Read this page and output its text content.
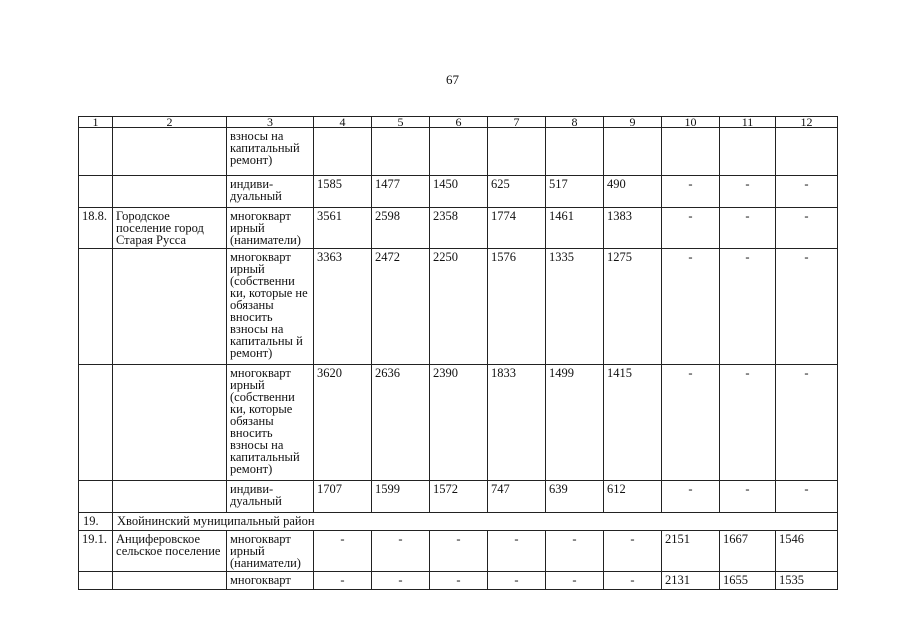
67
1	2	3	4	5	6	7	8	9	10	11	12
		взносы на капитальный ремонт)									
		индиви-дуальный	1585	1477	1450	625	517	490	-	-	-
18.8.	Городское поселение город Старая Русса	многокварт ирный (наниматели)	3561	2598	2358	1774	1461	1383	-	-	-
		многокварт ирный (собственни ки, которые не обязаны вносить взносы на капитальны й ремонт)	3363	2472	2250	1576	1335	1275	-	-	-
		многокварт ирный (собственни ки, которые обязаны вносить взносы на капитальный ремонт)	3620	2636	2390	1833	1499	1415	-	-	-
		индиви-дуальный	1707	1599	1572	747	639	612	-	-	-
19.	Хвойнинский муниципальный район										
19.1.	Анциферовское сельское поселение	многокварт ирный (наниматели)	-	-	-	-	-	-	2151	1667	1546
		многокварт	-	-	-	-	-	-	2131	1655	1535
